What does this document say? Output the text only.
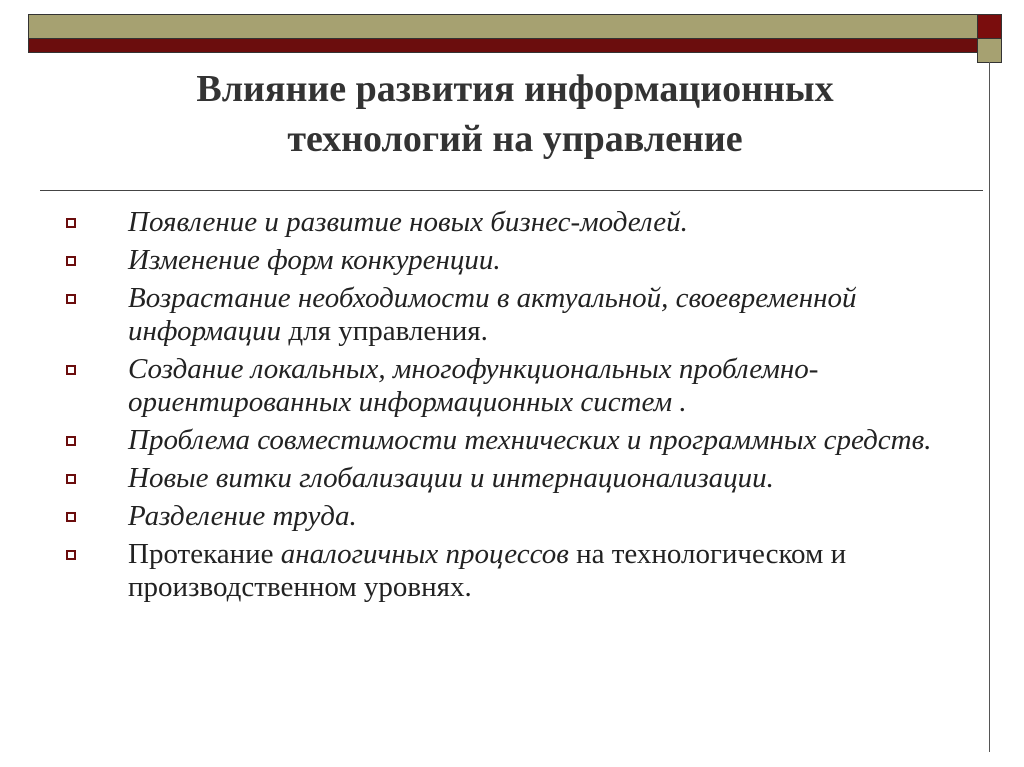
Влияние развития информационных
технологий на управление
Появление и развитие новых бизнес-моделей.
Изменение форм конкуренции.
Возрастание необходимости в актуальной, своевременной информации для управления.
Создание локальных, многофункциональных проблемно-ориентированных информационных систем .
Проблема совместимости технических и программных средств.
Новые витки глобализации и интернационализации.
Разделение труда.
Протекание аналогичных процессов на технологическом и производственном уровнях.
